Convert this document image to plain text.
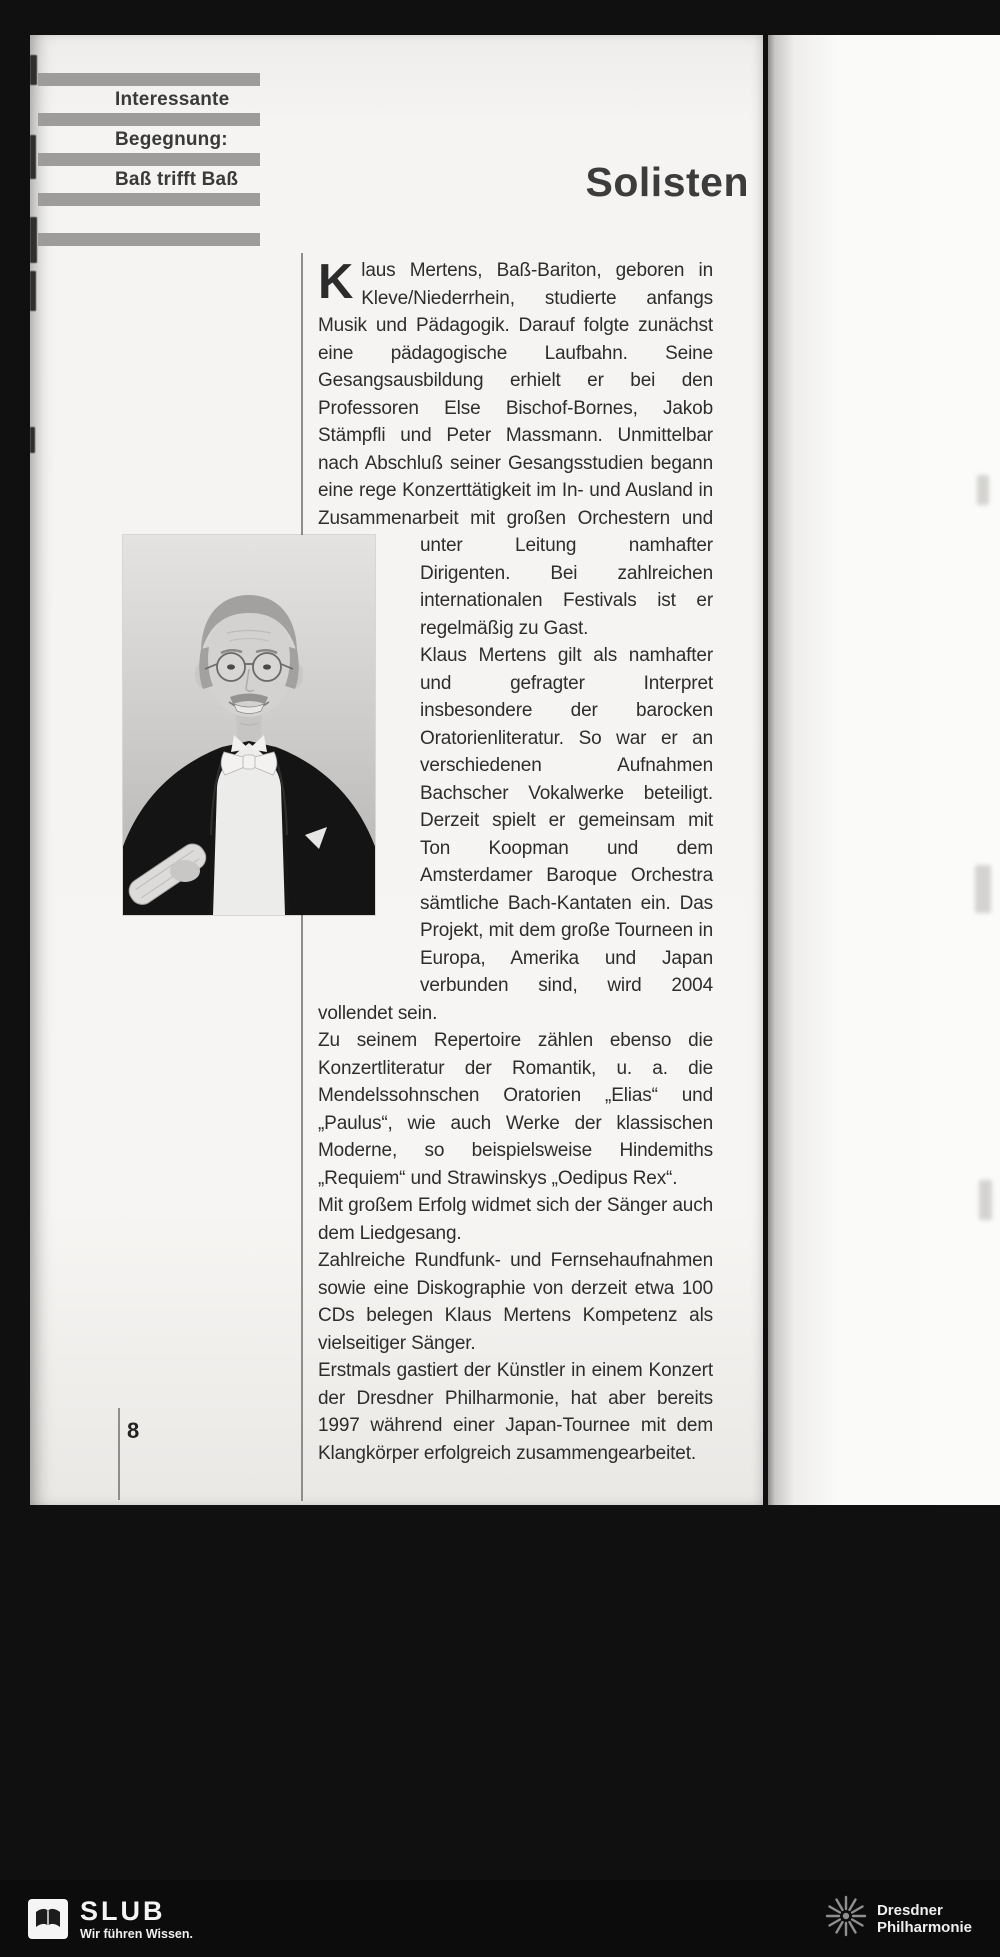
Interessante
Begegnung:
Baß trifft Baß	Solisten

K laus Mertens, Baß-Bariton, geboren in Kleve/Niederrhein, studierte anfangs Musik und Pädagogik. Darauf folgte zunächst eine pädagogische Laufbahn. Seine Gesangsausbildung erhielt er bei den Professoren Else Bischof-Bornes, Jakob Stämpfli und Peter Massmann. Unmittelbar nach Abschluß seiner Gesangsstudien begann eine rege Konzerttätigkeit im In- und Ausland in Zusammenarbeit mit großen Orchestern und unter	Leitung namhafter Dirigenten. Bei zahlreichen internationalen Festivals ist er regelmäßig zu Gast.

Klaus Mertens gilt als namhafter und gefragter Interpret insbesondere der barocken Oratorienliteratur. So war er an verschiedenen Aufnahmen Bachscher Vokalwerke beteiligt. Derzeit spielt er gemeinsam mit Ton Koopman und dem Amsterdamer Baroque Orchestra sämtliche Bach-Kantaten ein. Das Projekt, mit dem große Tourneen in Europa, Amerika und Japan verbunden sind, wird 2004 vollendet sein.

Zu seinem Repertoire zählen ebenso die Konzertliteratur der Romantik, u. a. die Mendelssohnschen Oratorien „Elias“ und „Paulus“, wie auch Werke der klassischen Moderne, so beispielsweise Hindemiths „Requiem“ und Strawinskys „Oedipus Rex“.

Mit großem Erfolg widmet sich der Sänger auch dem Liedgesang.

Zahlreiche Rundfunk- und Fernsehaufnahmen sowie eine Diskographie von derzeit etwa 100 CDs belegen Klaus Mertens Kompetenz als vielseitiger Sänger.

Erstmals gastiert der Künstler in einem Konzert der Dresdner Philharmonie, hat aber bereits 1997 während einer Japan-Tournee mit dem Klangkörper erfolgreich zusammengearbeitet.

8
SLUB
Wir führen Wissen.
Dresdner
Philharmonie
